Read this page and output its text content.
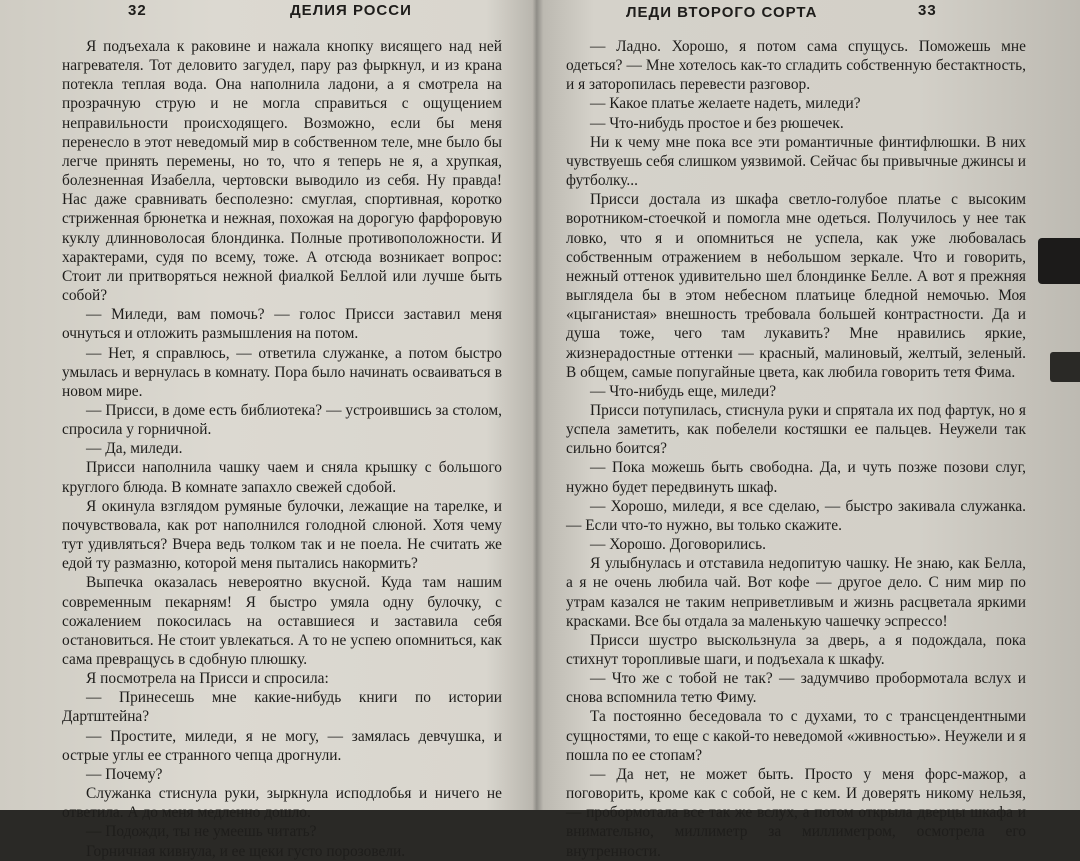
32	ДЕЛИЯ РОССИ

Я подъехала к раковине и нажала кнопку висящего над ней нагревателя. Тот деловито загудел, пару раз фыркнул, и из крана потекла теплая вода. Она наполнила ладони, а я смотрела на прозрачную струю и не могла справиться с ощущением неправильности происходящего. Возможно, если бы меня перенесло в этот неведомый мир в собственном теле, мне было бы легче принять перемены, но то, что я теперь не я, а хрупкая, болезненная Изабелла, чертовски выводило из себя. Ну правда! Нас даже сравнивать бесполезно: смуглая, спортивная, коротко стриженная брюнетка и нежная, похожая на дорогую фарфоровую куклу длинноволосая блондинка. Полные противоположности. И характерами, судя по всему, тоже. А отсюда возникает вопрос: Стоит ли притворяться нежной фиалкой Беллой или лучше быть собой?

— Миледи, вам помочь? — голос Присси заставил меня очнуться и отложить размышления на потом.

— Нет, я справлюсь, — ответила служанке, а потом быстро умылась и вернулась в комнату. Пора было начинать осваиваться в новом мире.

— Присси, в доме есть библиотека? — устроившись за столом, спросила у горничной.

— Да, миледи.

Присси наполнила чашку чаем и сняла крышку с большого круглого блюда. В комнате запахло свежей сдобой.

Я окинула взглядом румяные булочки, лежащие на тарелке, и почувствовала, как рот наполнился голодной слюной. Хотя чему тут удивляться? Вчера ведь толком так и не поела. Не считать же едой ту размазню, которой меня пытались накормить?

Выпечка оказалась невероятно вкусной. Куда там нашим современным пекарням! Я быстро умяла одну булочку, с сожалением покосилась на оставшиеся и заставила себя остановиться. Не стоит увлекаться. А то не успею опомниться, как сама превращусь в сдобную плюшку.

Я посмотрела на Присси и спросила:

— Принесешь мне какие-нибудь книги по истории Дартштейна?

— Простите, миледи, я не могу, — замялась девчушка, и острые углы ее странного чепца дрогнули.

— Почему?

Служанка стиснула руки, зыркнула исподлобья и ничего не ответила. А до меня медленно дошло.

— Подожди, ты не умеешь читать?

Горничная кивнула, и ее щеки густо порозовели.

ЛЕДИ ВТОРОГО СОРТА	33

— Ладно. Хорошо, я потом сама спущусь. Поможешь мне одеться? — Мне хотелось как-то сгладить собственную бестактность, и я заторопилась перевести разговор.

— Какое платье желаете надеть, миледи?

— Что-нибудь простое и без рюшечек.

Ни к чему мне пока все эти романтичные финтифлюшки. В них чувствуешь себя слишком уязвимой. Сейчас бы привычные джинсы и футболку...

Присси достала из шкафа светло-голубое платье с высоким воротником-стоечкой и помогла мне одеться. Получилось у нее так ловко, что я и опомниться не успела, как уже любовалась собственным отражением в небольшом зеркале. Что и говорить, нежный оттенок удивительно шел блондинке Белле. А вот я прежняя выглядела бы в этом небесном платьице бледной немочью. Моя «цыганистая» внешность требовала большей контрастности. Да и душа тоже, чего там лукавить? Мне нравились яркие, жизнерадостные оттенки — красный, малиновый, желтый, зеленый. В общем, самые попугайные цвета, как любила говорить тетя Фима.

— Что-нибудь еще, миледи?

Присси потупилась, стиснула руки и спрятала их под фартук, но я успела заметить, как побелели костяшки ее пальцев. Неужели так сильно боится?

— Пока можешь быть свободна. Да, и чуть позже позови слуг, нужно будет передвинуть шкаф.

— Хорошо, миледи, я все сделаю, — быстро закивала служанка. — Если что-то нужно, вы только скажите.

— Хорошо. Договорились.

Я улыбнулась и отставила недопитую чашку. Не знаю, как Белла, а я не очень любила чай. Вот кофе — другое дело. С ним мир по утрам казался не таким неприветливым и жизнь расцветала яркими красками. Все бы отдала за маленькую чашечку эспрессо!

Присси шустро выскользнула за дверь, а я подождала, пока стихнут торопливые шаги, и подъехала к шкафу.

— Что же с тобой не так? — задумчиво пробормотала вслух и снова вспомнила тетю Фиму.

Та постоянно беседовала то с духами, то с трансцендентными сущностями, то еще с какой-то неведомой «живностью». Неужели и я пошла по ее стопам?

— Да нет, не может быть. Просто у меня форс-мажор, а поговорить, кроме как с собой, не с кем. И доверять никому нельзя, — пробормотала все так же вслух, а потом открыла дверцы шкафа и внимательно, миллиметр за миллиметром, осмотрела его внутренности.
